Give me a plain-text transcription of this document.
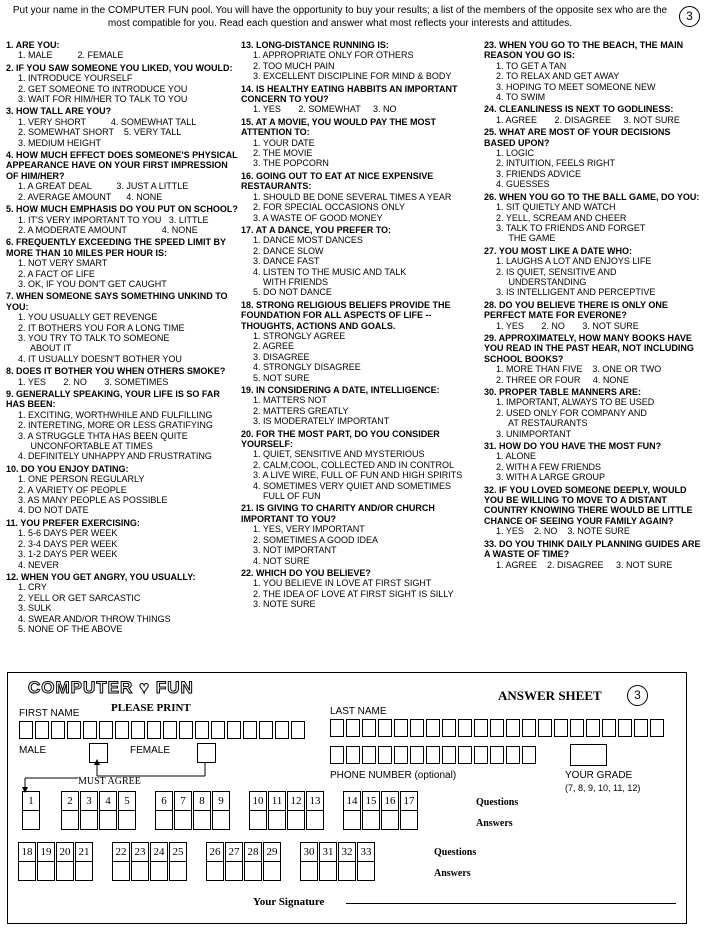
Put your name in the COMPUTER FUN pool. You will have the opportunity to buy your results; a list of the members of the opposite sex who are the most compatible for you. Read each question and answer what most reflects your interests and attitudes.
3
1. ARE YOU:
1. MALE          2. FEMALE
2. IF YOU SAW SOMEONE YOU LIKED, YOU WOULD:
1. INTRODUCE YOURSELF
2. GET SOMEONE TO INTRODUCE YOU
3. WAIT FOR HIM/HER TO TALK TO YOU
3. HOW TALL ARE YOU?
1. VERY SHORT          4. SOMEWHAT TALL
2. SOMEWHAT SHORT    5. VERY TALL
3. MEDIUM HEIGHT
4. HOW MUCH EFFECT DOES SOMEONE'S PHYSICAL APPEARANCE HAVE ON YOUR FIRST IMPRESSION OF HIM/HER?
1. A GREAT DEAL          3. JUST A LITTLE
2. AVERAGE AMOUNT      4. NONE
5. HOW MUCH EMPHASIS DO YOU PUT ON SCHOOL?
1. IT'S VERY IMPORTANT TO YOU   3. LITTLE
2. A MODERATE AMOUNT              4. NONE
6. FREQUENTLY EXCEEDING THE SPEED LIMIT BY MORE THAN 10 MILES PER HOUR IS:
1. NOT VERY SMART
2. A FACT OF LIFE
3. OK, IF YOU DON'T GET CAUGHT
7. WHEN SOMEONE SAYS SOMETHING UNKIND TO YOU:
1. YOU USUALLY GET REVENGE
2. IT BOTHERS YOU FOR A LONG TIME
3. YOU TRY TO TALK TO SOMEONE
ABOUT IT
4. IT USUALLY DOESN'T BOTHER YOU
8. DOES IT BOTHER YOU WHEN OTHERS SMOKE?
1. YES       2. NO       3. SOMETIMES
9. GENERALLY SPEAKING, YOUR LIFE IS SO FAR HAS BEEN:
1. EXCITING, WORTHWHILE AND FULFILLING
2. INTERETING, MORE OR LESS GRATIFYING
3. A STRUGGLE THTA HAS BEEN QUITE
UNCONFORTABLE AT TIMES
4. DEFINITELY UNHAPPY AND FRUSTRATING
10. DO YOU ENJOY DATING:
1. ONE PERSON REGULARLY
2. A VARIETY OF PEOPLE
3. AS MANY PEOPLE AS POSSIBLE
4. DO NOT DATE
11. YOU PREFER EXERCISING:
1. 5-6 DAYS PER WEEK
2. 3-4 DAYS PER WEEK
3. 1-2 DAYS PER WEEK
4. NEVER
12. WHEN YOU GET ANGRY, YOU USUALLY:
1. CRY
2. YELL OR GET SARCASTIC
3. SULK
4. SWEAR AND/OR THROW THINGS
5. NONE OF THE ABOVE
13. LONG-DISTANCE RUNNING IS:
1. APPROPRIATE ONLY FOR OTHERS
2. TOO MUCH PAIN
3. EXCELLENT DISCIPLINE FOR MIND & BODY
14. IS HEALTHY EATING HABBITS AN IMPORTANT CONCERN TO YOU?
1. YES       2. SOMEWHAT     3. NO
15. AT A MOVIE, YOU WOULD PAY THE MOST ATTENTION TO:
1. YOUR DATE
2. THE MOVIE
3. THE POPCORN
16. GOING OUT TO EAT AT NICE EXPENSIVE RESTAURANTS:
1. SHOULD BE DONE SEVERAL TIMES A YEAR
2. FOR SPECIAL OCCASIONS ONLY
3. A WASTE OF GOOD MONEY
17. AT A DANCE, YOU PREFER TO:
1. DANCE MOST DANCES
2. DANCE SLOW
3. DANCE FAST
4. LISTEN TO THE MUSIC AND TALK
WITH FRIENDS
5. DO NOT DANCE
18. STRONG RELIGIOUS BELIEFS PROVIDE THE FOUNDATION FOR ALL ASPECTS OF LIFE --THOUGHTS, ACTIONS AND GOALS.
1. STRONGLY AGREE
2. AGREE
3. DISAGREE
4. STRONGLY DISAGREE
5. NOT SURE
19. IN CONSIDERING A DATE, INTELLIGENCE:
1. MATTERS NOT
2. MATTERS GREATLY
3. IS MODERATELY IMPORTANT
20. FOR THE MOST PART, DO YOU CONSIDER YOURSELF:
1. QUIET, SENSITIVE AND MYSTERIOUS
2. CALM,COOL, COLLECTED AND IN CONTROL
3. A LIVE WIRE, FULL OF FUN AND HIGH SPIRITS
4. SOMETIMES VERY QUIET AND SOMETIMES
FULL OF FUN
21. IS GIVING TO CHARITY AND/OR CHURCH IMPORTANT TO YOU?
1. YES, VERY IMPORTANT
2. SOMETIMES A GOOD IDEA
3. NOT IMPORTANT
4. NOT SURE
22. WHICH DO YOU BELIEVE?
1. YOU BELIEVE IN LOVE AT FIRST SIGHT
2. THE IDEA OF LOVE AT FIRST SIGHT IS SILLY
3. NOTE SURE
23. WHEN YOU GO TO THE BEACH, THE MAIN REASON YOU GO IS:
1. TO GET A TAN
2. TO RELAX AND GET AWAY
3. HOPING TO MEET SOMEONE NEW
4. TO SWIM
24. CLEANLINESS IS NEXT TO GODLINESS:
1. AGREE       2. DISAGREE     3. NOT SURE
25. WHAT ARE MOST OF YOUR DECISIONS BASED UPON?
1. LOGIC
2. INTUITION, FEELS RIGHT
3. FRIENDS ADVICE
4. GUESSES
26. WHEN YOU GO TO THE BALL GAME, DO YOU:
1. SIT QUIETLY AND WATCH
2. YELL, SCREAM AND CHEER
3. TALK TO FRIENDS AND FORGET
THE GAME
27. YOU MOST LIKE A DATE WHO:
1. LAUGHS A LOT AND ENJOYS LIFE
2. IS QUIET, SENSITIVE AND
UNDERSTANDING
3. IS INTELLIGENT AND PERCEPTIVE
28. DO YOU BELIEVE THERE IS ONLY ONE PERFECT MATE FOR EVERONE?
1. YES       2. NO       3. NOT SURE
29. APPROXIMATELY, HOW MANY BOOKS HAVE YOU READ IN THE PAST HEAR, NOT INCLUDING SCHOOL BOOKS?
1. MORE THAN FIVE    3. ONE OR TWO
2. THREE OR FOUR     4. NONE
30. PROPER TABLE MANNERS ARE:
1. IMPORTANT, ALWAYS TO BE USED
2. USED ONLY FOR COMPANY AND
AT RESTAURANTS
3. UNIMPORTANT
31. HOW DO YOU HAVE THE MOST FUN?
1. ALONE
2. WITH A FEW FRIENDS
3. WITH A LARGE GROUP
32. IF YOU LOVED SOMEONE DEEPLY, WOULD YOU BE WILLING TO MOVE TO A DISTANT COUNTRY KNOWING THERE WOULD BE LITTLE CHANCE OF SEEING YOUR FAMILY AGAIN?
1. YES    2. NO    3. NOTE SURE
33. DO YOU THINK DAILY PLANNING GUIDES ARE A WASTE OF TIME?
1. AGREE    2. DISAGREE     3. NOT SURE
COMPUTER ♥ FUN	ANSWER SHEET	3
FIRST NAME	PLEASE PRINT	LAST NAME
MALE	FEMALE
MUST AGREE
PHONE NUMBER (optional)	YOUR GRADE
(7, 8, 9, 10, 11, 12)
1	2	3	4	5	6	7	8	9	10 11 12 13 14 15 16 17	Questions
Answers
18 19 20 21 22 23 24 25 26 27 28 29 30 31 32 33	Questions
Answers
Your Signature
